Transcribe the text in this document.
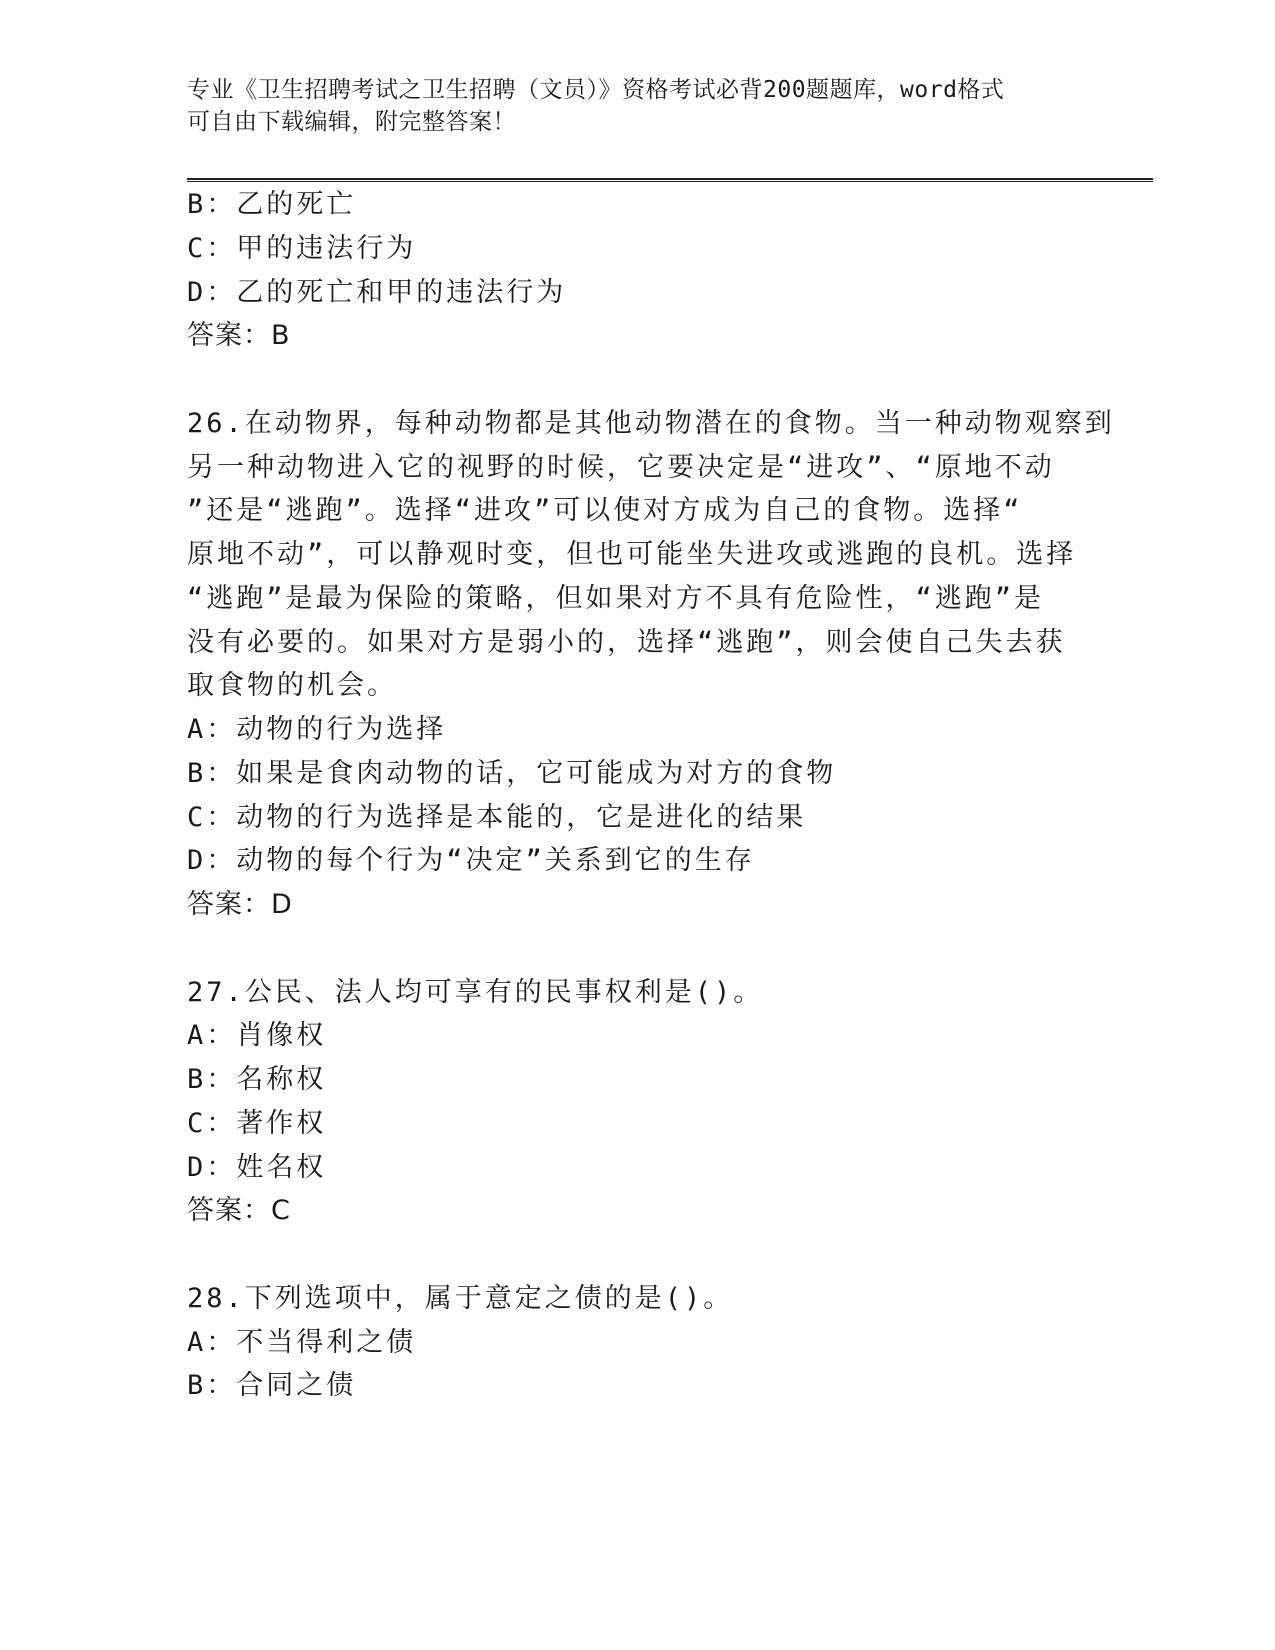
专业《卫生招聘考试之卫生招聘（文员）》资格考试必背200题题库，word格式
可自由下载编辑，附完整答案！
B：乙的死亡
C：甲的违法行为
D：乙的死亡和甲的违法行为
答案：B
26.在动物界，每种动物都是其他动物潜在的食物。当一种动物观察到
另一种动物进入它的视野的时候，它要决定是“进攻”、“原地不动
”还是“逃跑”。选择“进攻”可以使对方成为自己的食物。选择“
原地不动”，可以静观时变，但也可能坐失进攻或逃跑的良机。选择
“逃跑”是最为保险的策略，但如果对方不具有危险性，“逃跑”是
没有必要的。如果对方是弱小的，选择“逃跑”，则会使自己失去获
取食物的机会。
A：动物的行为选择
B：如果是食肉动物的话，它可能成为对方的食物
C：动物的行为选择是本能的，它是进化的结果
D：动物的每个行为“决定”关系到它的生存
答案：D
27.公民、法人均可享有的民事权利是()。
A：肖像权
B：名称权
C：著作权
D：姓名权
答案：C
28.下列选项中，属于意定之债的是()。
A：不当得利之债
B：合同之债
